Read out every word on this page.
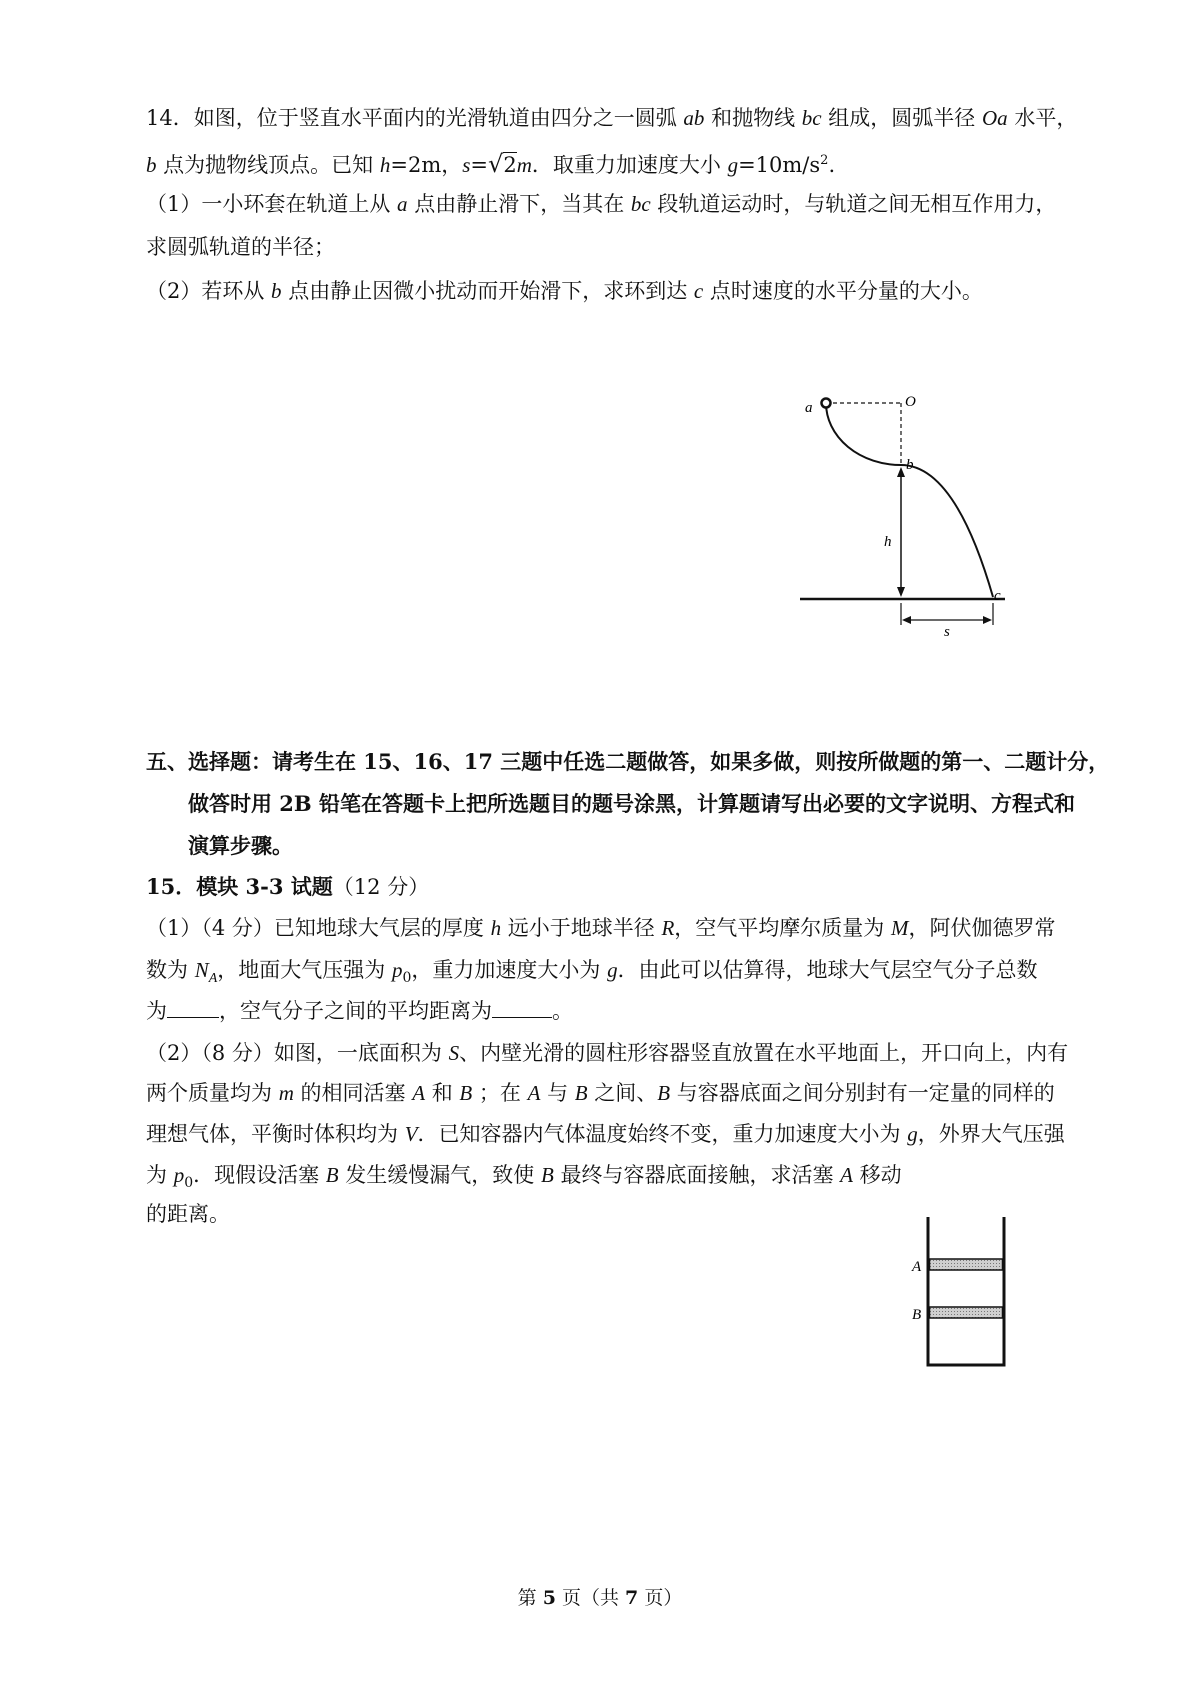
14．如图，位于竖直水平面内的光滑轨道由四分之一圆弧 ab 和抛物线 bc 组成，圆弧半径 Oa 水平，
b 点为抛物线顶点。已知 h=2m，s=√2m．取重力加速度大小 $g=10m/s^2$.
（1）一小环套在轨道上从 a 点由静止滑下，当其在 bc 段轨道运动时，与轨道之间无相互作用力，
求圆弧轨道的半径；
（2）若环从 b 点由静止因微小扰动而开始滑下，求环到达 c 点时速度的水平分量的大小。
a	O
b
h
c
s
五、选择题：请考生在 15、16、17 三题中任选二题做答，如果多做，则按所做题的第一、二题计分，
做答时用 2B 铅笔在答题卡上把所选题目的题号涂黑，计算题请写出必要的文字说明、方程式和
演算步骤。
15．模块 3-3 试题（12 分）
（1）（4 分）已知地球大气层的厚度 h 远小于地球半径 R，空气平均摩尔质量为 M，阿伏伽德罗常
数为 $N_A$，地面大气压强为 $p_0$，重力加速度大小为 g．由此可以估算得，地球大气层空气分子总数
为 ，空气分子之间的平均距离为	。
（2）（8 分）如图，一底面积为 S、内壁光滑的圆柱形容器竖直放置在水平地面上，开口向上，内有
两个质量均为 m 的相同活塞 A 和 B ；在 A 与 B 之间、B 与容器底面之间分别封有一定量的同样的
理想气体，平衡时体积均为 V．已知容器内气体温度始终不变，重力加速度大小为 g，外界大气压强
为 $p_0$．现假设活塞 B 发生缓慢漏气，致使 B 最终与容器底面接触，求活塞 A 移动
的距离。
A
B
第 5 页（共 7 页）
